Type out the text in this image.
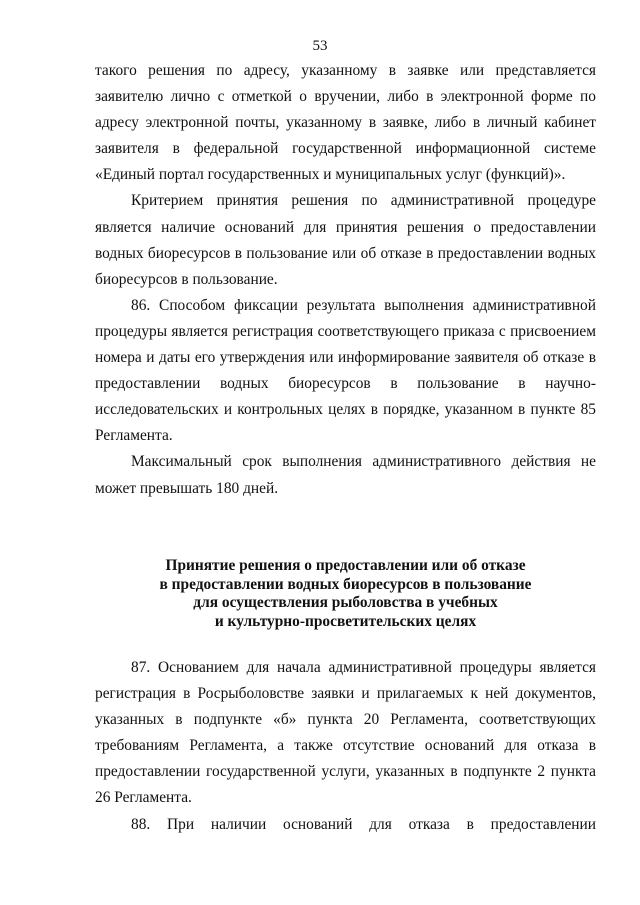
53

такого решения по адресу, указанному в заявке или представляется заявителю лично с отметкой о вручении, либо в электронной форме по адресу электронной почты, указанному в заявке, либо в личный кабинет заявителя в федеральной государственной информационной системе «Единый портал государственных и муниципальных услуг (функций)».

Критерием принятия решения по административной процедуре является наличие оснований для принятия решения о предоставлении водных биоресурсов в пользование или об отказе в предоставлении водных биоресурсов в пользование.

86. Способом фиксации результата выполнения административной процедуры является регистрация соответствующего приказа с присвоением номера и даты его утверждения или информирование заявителя об отказе в предоставлении водных биоресурсов в пользование в научно-исследовательских и контрольных целях в порядке, указанном в пункте 85 Регламента.

Максимальный срок выполнения административного действия не может превышать 180 дней.

Принятие решения о предоставлении или об отказе
в предоставлении водных биоресурсов в пользование
для осуществления рыболовства в учебных
и культурно-просветительских целях

87. Основанием для начала административной процедуры является регистрация в Росрыболовстве заявки и прилагаемых к ней документов, указанных в подпункте «б» пункта 20 Регламента, соответствующих требованиям Регламента, а также отсутствие оснований для отказа в предоставлении государственной услуги, указанных в подпункте 2 пункта 26 Регламента.

88. При наличии оснований для отказа в предоставлении
